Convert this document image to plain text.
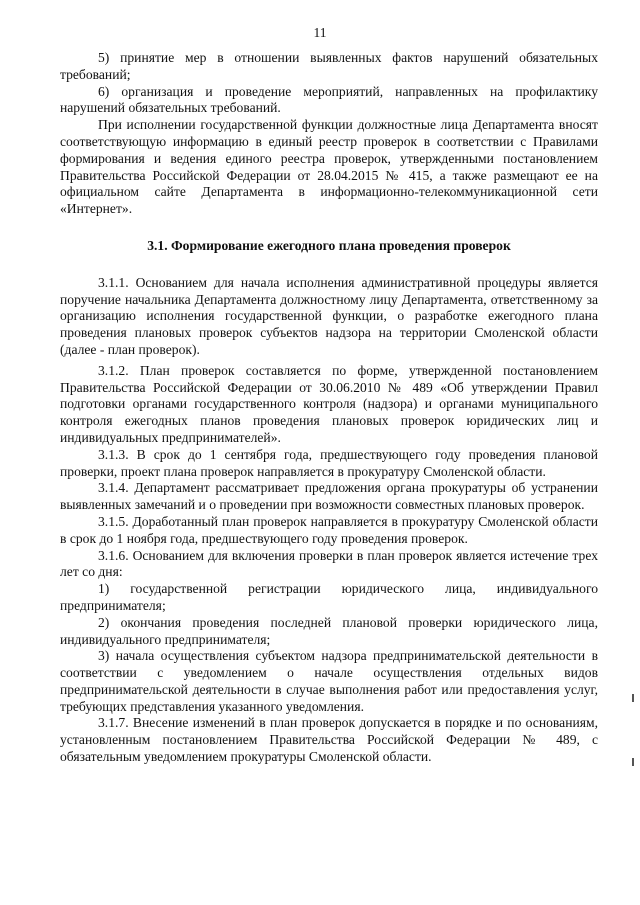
11

5) принятие мер в отношении выявленных фактов нарушений обязательных требований;

6) организация и проведение мероприятий, направленных на профилактику нарушений обязательных требований.

При исполнении государственной функции должностные лица Департамента вносят соответствующую информацию в единый реестр проверок в соответствии с Правилами формирования и ведения единого реестра проверок, утвержденными постановлением Правительства Российской Федерации от 28.04.2015 № 415, а также размещают ее на официальном сайте Департамента в информационно-телекоммуникационной сети «Интернет».

3.1. Формирование ежегодного плана проведения проверок

3.1.1. Основанием для начала исполнения административной процедуры является поручение начальника Департамента должностному лицу Департамента, ответственному за организацию исполнения государственной функции, о разработке ежегодного плана проведения плановых проверок субъектов надзора на территории Смоленской области (далее - план проверок).

3.1.2. План проверок составляется по форме, утвержденной постановлением Правительства Российской Федерации от 30.06.2010 № 489 «Об утверждении Правил подготовки органами государственного контроля (надзора) и органами муниципального контроля ежегодных планов проведения плановых проверок юридических лиц и индивидуальных предпринимателей».

3.1.3. В срок до 1 сентября года, предшествующего году проведения плановой проверки, проект плана проверок направляется в прокуратуру Смоленской области.

3.1.4. Департамент рассматривает предложения органа прокуратуры об устранении выявленных замечаний и о проведении при возможности совместных плановых проверок.

3.1.5. Доработанный план проверок направляется в прокуратуру Смоленской области в срок до 1 ноября года, предшествующего году проведения проверок.

3.1.6. Основанием для включения проверки в план проверок является истечение трех лет со дня:

1) государственной регистрации юридического лица, индивидуального предпринимателя;

2) окончания проведения последней плановой проверки юридического лица, индивидуального предпринимателя;

3) начала осуществления субъектом надзора предпринимательской деятельности в соответствии с уведомлением о начале осуществления отдельных видов предпринимательской деятельности в случае выполнения работ или предоставления услуг, требующих представления указанного уведомления.

3.1.7. Внесение изменений в план проверок допускается в порядке и по основаниям, установленным постановлением Правительства Российской Федерации № 489, с обязательным уведомлением прокуратуры Смоленской области.
